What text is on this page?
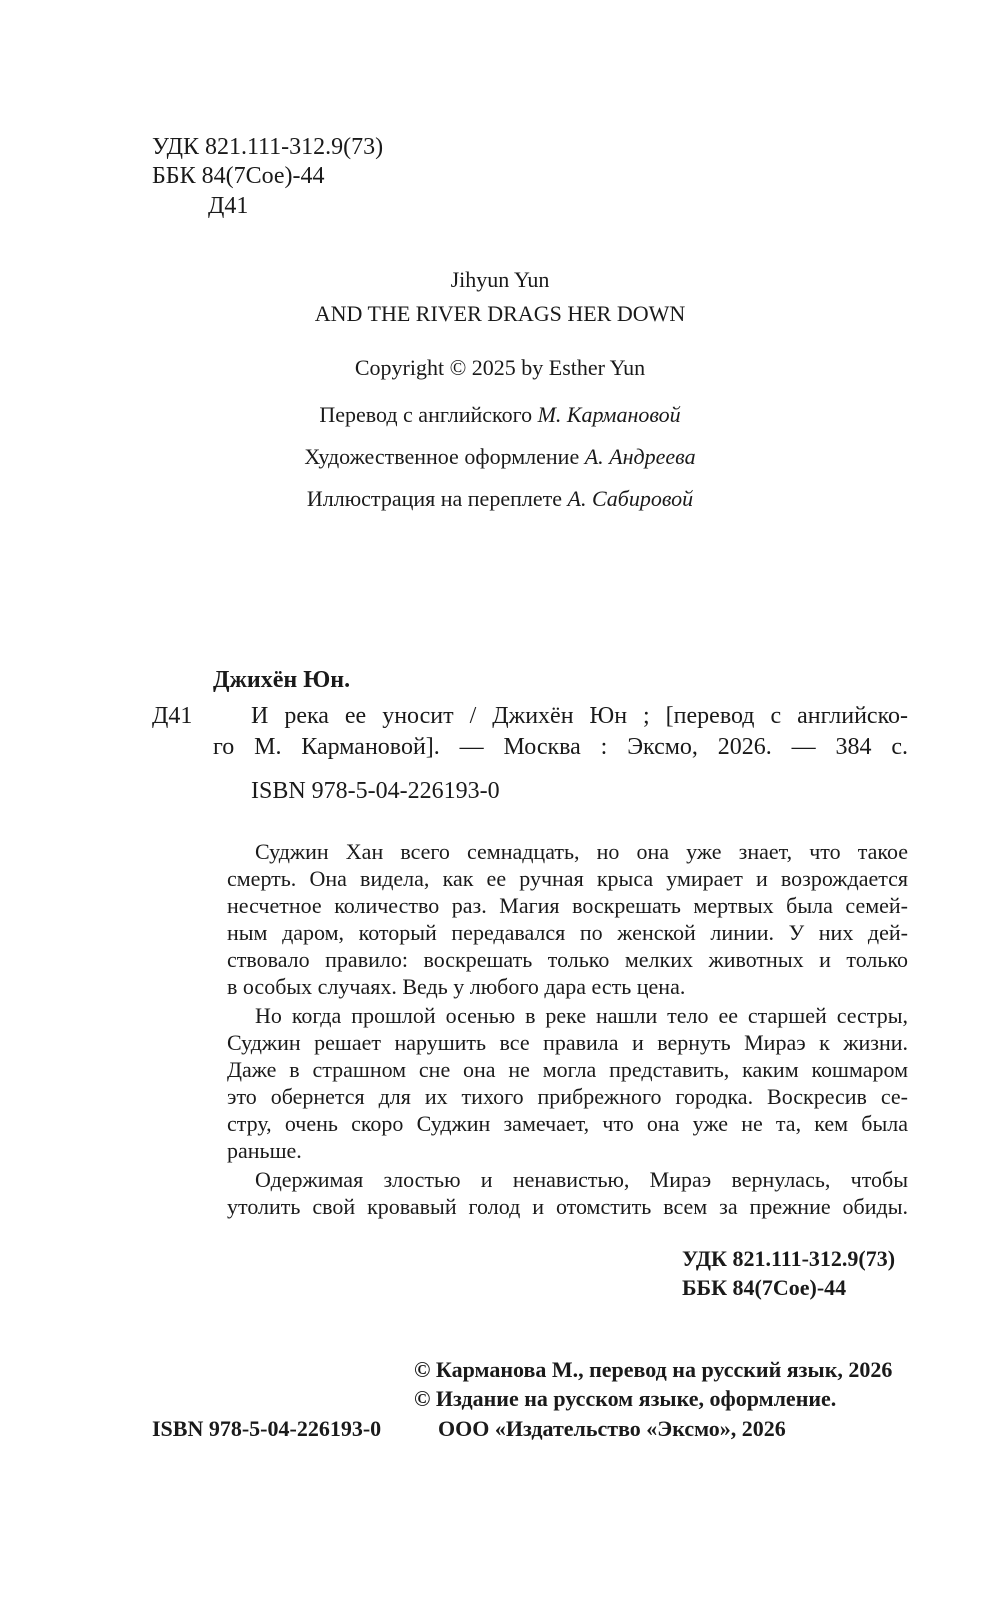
УДК 821.111-312.9(73)
ББК 84(7Сое)-44
Д41
Jihyun Yun
AND THE RIVER DRAGS HER DOWN
Copyright © 2025 by Esther Yun
Перевод с английского М. Кармановой
Художественное оформление А. Андреева
Иллюстрация на переплете А. Сабировой
Джихён Юн.
Д41 И река ее уносит / Джихён Юн ; [перевод с английско-
го М. Кармановой]. — Москва : Эксмо, 2026. — 384 с.
ISBN 978-5-04-226193-0
Суджин Хан всего семнадцать, но она уже знает, что такое
смерть. Она видела, как ее ручная крыса умирает и возрождается
несчетное количество раз. Магия воскрешать мертвых была семей-
ным даром, который передавался по женской линии. У них дей-
ствовало правило: воскрешать только мелких животных и только
в особых случаях. Ведь у любого дара есть цена.
Но когда прошлой осенью в реке нашли тело ее старшей сестры,
Суджин решает нарушить все правила и вернуть Мираэ к жизни.
Даже в страшном сне она не могла представить, каким кошмаром
это обернется для их тихого прибрежного городка. Воскресив се-
стру, очень скоро Суджин замечает, что она уже не та, кем была
раньше.
Одержимая злостью и ненавистью, Мираэ вернулась, чтобы
утолить свой кровавый голод и отомстить всем за прежние обиды.
УДК 821.111-312.9(73)
ББК 84(7Сое)-44
© Карманова М., перевод на русский язык, 2026
© Издание на русском языке, оформление.
ISBN 978-5-04-226193-0	ООО «Издательство «Эксмо», 2026
